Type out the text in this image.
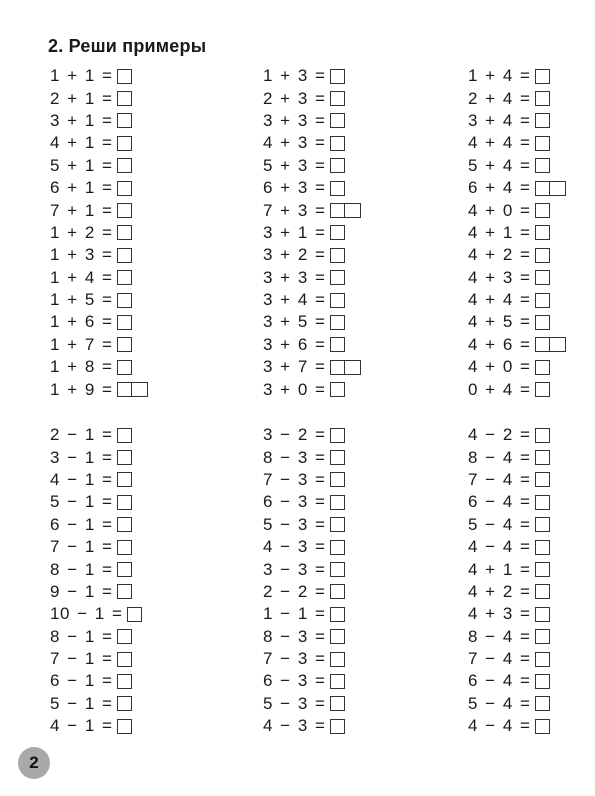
2. Реши примеры
1 + 1 =
2 + 1 =
3 + 1 =
4 + 1 =
5 + 1 =
6 + 1 =
7 + 1 =
1 + 2 =
1 + 3 =
1 + 4 =
1 + 5 =
1 + 6 =
1 + 7 =
1 + 8 =
1 + 9 =
1 + 3 =
2 + 3 =
3 + 3 =
4 + 3 =
5 + 3 =
6 + 3 =
7 + 3 =
3 + 1 =
3 + 2 =
3 + 3 =
3 + 4 =
3 + 5 =
3 + 6 =
3 + 7 =
3 + 0 =
1 + 4 =
2 + 4 =
3 + 4 =
4 + 4 =
5 + 4 =
6 + 4 =
4 + 0 =
4 + 1 =
4 + 2 =
4 + 3 =
4 + 4 =
4 + 5 =
4 + 6 =
4 + 0 =
0 + 4 =
2 − 1 =
3 − 1 =
4 − 1 =
5 − 1 =
6 − 1 =
7 − 1 =
8 − 1 =
9 − 1 =
10 − 1 =
8 − 1 =
7 − 1 =
6 − 1 =
5 − 1 =
4 − 1 =
3 − 2 =
8 − 3 =
7 − 3 =
6 − 3 =
5 − 3 =
4 − 3 =
3 − 3 =
2 − 2 =
1 − 1 =
8 − 3 =
7 − 3 =
6 − 3 =
5 − 3 =
4 − 3 =
4 − 2 =
8 − 4 =
7 − 4 =
6 − 4 =
5 − 4 =
4 − 4 =
4 + 1 =
4 + 2 =
4 + 3 =
8 − 4 =
7 − 4 =
6 − 4 =
5 − 4 =
4 − 4 =
2
